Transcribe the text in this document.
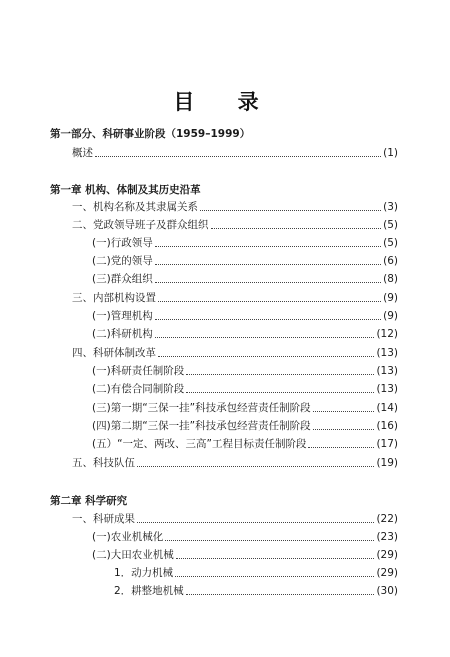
目 录
第一部分、科研事业阶段（1959–1999）
概述	(1)
第一章 机构、体制及其历史沿革
一、机构名称及其隶属关系	(3)
二、党政领导班子及群众组织	(5)
(一)行政领导	(5)
(二)党的领导	(6)
(三)群众组织	(8)
三、内部机构设置	(9)
(一)管理机构	(9)
(二)科研机构	(12)
四、科研体制改革	(13)
(一)科研责任制阶段	(13)
(二)有偿合同制阶段	(13)
(三)第一期“三保一挂”科技承包经营责任制阶段	(14)
(四)第二期“三保一挂”科技承包经营责任制阶段	(16)
(五）“一定、两改、三高”工程目标责任制阶段	(17)
五、科技队伍	(19)
第二章 科学研究
一、科研成果	(22)
(一)农业机械化	(23)
(二)大田农业机械	(29)
1．动力机械	(29)
2．耕整地机械	(30)
